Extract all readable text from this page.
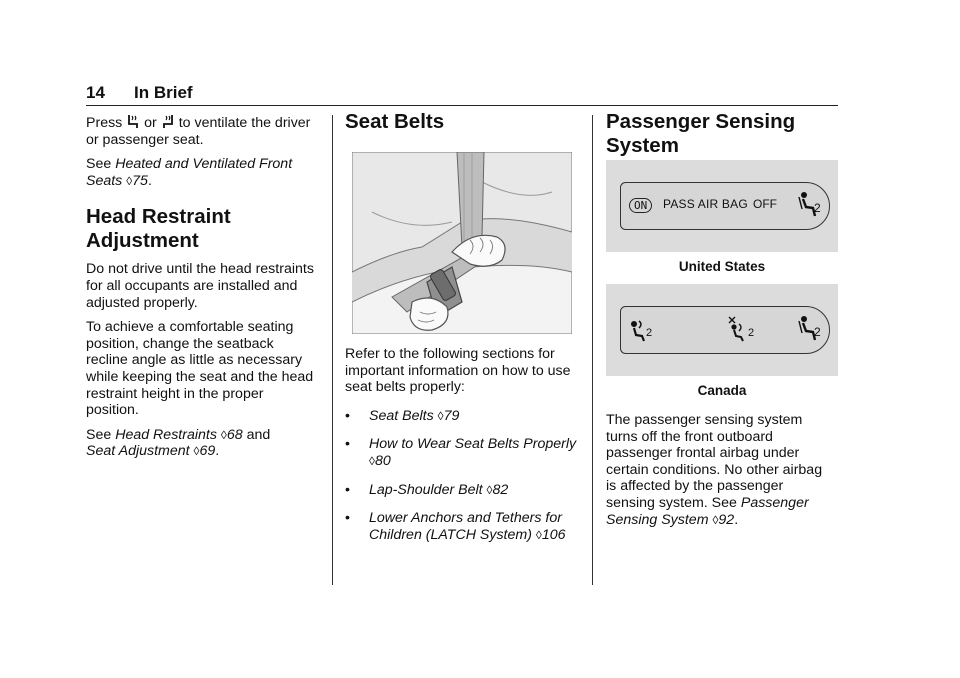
14 In Brief

Press or to ventilate the driver
or passenger seat.

See Heated and Ventilated Front
Seats ◊75.

Head Restraint
Adjustment

Do not drive until the head restraints
for all occupants are installed and
adjusted properly.

To achieve a comfortable seating
position, change the seatback
recline angle as little as necessary
while keeping the seat and the head
restraint height in the proper
position.

See Head Restraints ◊68 and
Seat Adjustment ◊69.

Seat Belts

Refer to the following sections for
important information on how to use
seat belts properly:

•	Seat Belts ◊79
•	How to Wear Seat Belts Properly
◊80
•	Lap-Shoulder Belt ◊82
•	Lower Anchors and Tethers for
Children (LATCH System) ◊106
Passenger Sensing
System
ON	PASS AIR BAG OFF	2
United States
2	2	2
Canada

The passenger sensing system
turns off the front outboard
passenger frontal airbag under
certain conditions. No other airbag
is affected by the passenger
sensing system. See Passenger
Sensing System ◊92.
